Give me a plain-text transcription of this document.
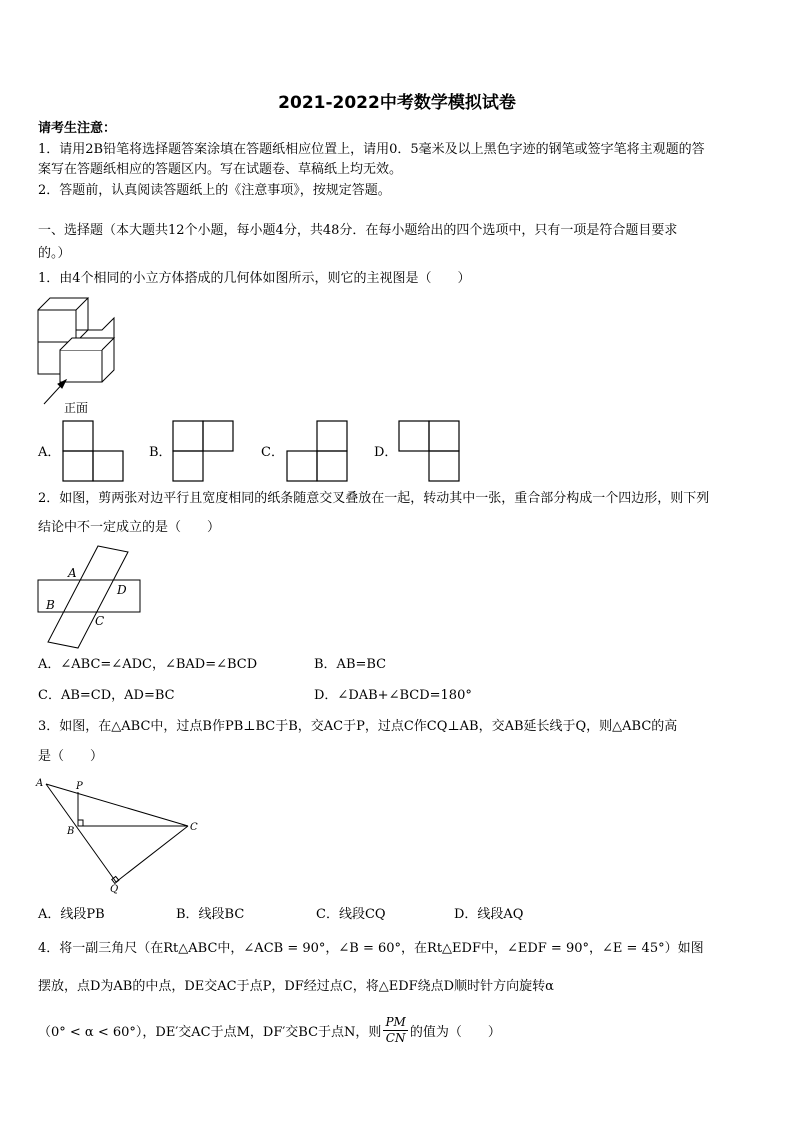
2021-2022中考数学模拟试卷
请考生注意：
1．请用2B铅笔将选择题答案涂填在答题纸相应位置上，请用0．5毫米及以上黑色字迹的钢笔或签字笔将主观题的答
案写在答题纸相应的答题区内。写在试题卷、草稿纸上均无效。
2．答题前，认真阅读答题纸上的《注意事项》，按规定答题。
一、选择题（本大题共12个小题，每小题4分，共48分．在每小题给出的四个选项中，只有一项是符合题目要求
的。）
1．由4个相同的小立方体搭成的几何体如图所示，则它的主视图是（　　）
正面
A．	B．	C．	D．
2．如图，剪两张对边平行且宽度相同的纸条随意交叉叠放在一起，转动其中一张，重合部分构成一个四边形，则下列
结论中不一定成立的是（　　）
A
D
B
C
A．∠ABC=∠ADC，∠BAD=∠BCD	B．AB=BC
C．AB=CD，AD=BC	D．∠DAB+∠BCD=180°
3．如图，在△ABC中，过点B作PB⊥BC于B，交AC于P，过点C作CQ⊥AB，交AB延长线于Q，则△ABC的高
是（　　）
A	P
B	C
Q
A．线段PB	B．线段BC	C．线段CQ	D．线段AQ
4．将一副三角尺（在Rt△ABC中，∠ACB = 90°，∠B = 60°，在Rt△EDF中，∠EDF = 90°，∠E = 45°）如图
摆放，点D为AB的中点，DE交AC于点P，DF经过点C，将△EDF绕点D顺时针方向旋转α
（0° < α < 60°），DE′交AC于点M，DF′交BC于点N，则 $\frac{PM}{CN}$ 的值为（　　）
